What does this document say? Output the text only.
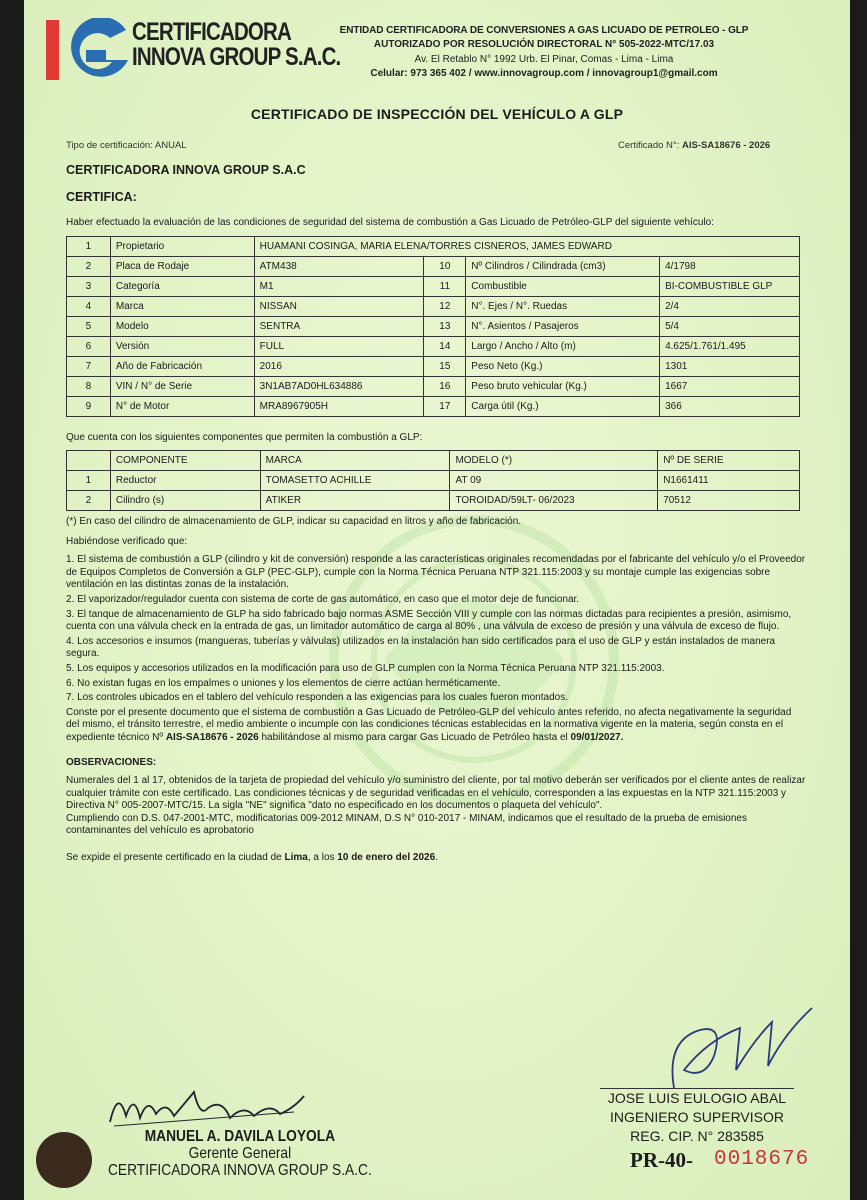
CERTIFICADORA
INNOVA GROUP S.A.C.
ENTIDAD CERTIFICADORA DE CONVERSIONES A GAS LICUADO DE PETROLEO - GLP
AUTORIZADO POR RESOLUCIÓN DIRECTORAL N° 505-2022-MTC/17.03
Av. El Retablo N° 1992 Urb. El Pinar, Comas - Lima - Lima
Celular: 973 365 402 / www.innovagroup.com / innovagroup1@gmail.com
CERTIFICADO DE INSPECCIÓN DEL VEHÍCULO A GLP
Tipo de certificación: ANUAL	Certificado N°: AIS-SA18676 - 2026
CERTIFICADORA INNOVA GROUP S.A.C
CERTIFICA:
Haber efectuado la evaluación de las condiciones de seguridad del sistema de combustión a Gas Licuado de Petróleo-GLP del siguiente vehículo:
1	Propietario	HUAMANI COSINGA, MARIA ELENA/TORRES CISNEROS, JAMES EDWARD			
2	Placa de Rodaje	ATM438	10	Nº Cilindros / Cilindrada (cm3)	4/1798
3	Categoría	M1	11	Combustible	BI-COMBUSTIBLE GLP
4	Marca	NISSAN	12	N°. Ejes / N°. Ruedas	2/4
5	Modelo	SENTRA	13	N°. Asientos / Pasajeros	5/4
6	Versión	FULL	14	Largo / Ancho / Alto (m)	4.625/1.761/1.495
7	Año de Fabricación	2016	15	Peso Neto (Kg.)	1301
8	VIN / N° de Serie	3N1AB7AD0HL634886	16	Peso bruto vehicular (Kg.)	1667
9	N° de Motor	MRA8967905H	17	Carga útil (Kg.)	366
Que cuenta con los siguientes componentes que permiten la combustión a GLP:
	COMPONENTE	MARCA	MODELO (*)	Nº DE SERIE
1	Reductor	TOMASETTO ACHILLE	AT 09	N1661411
2	Cilindro (s)	ATIKER	TOROIDAD/59LT- 06/2023	70512

(*) En caso del cilindro de almacenamiento de GLP, indicar su capacidad en litros y año de fabricación.

Habiéndose verificado que:

1. El sistema de combustión a GLP (cilindro y kit de conversión) responde a las características originales recomendadas por el fabricante del vehículo y/o el Proveedor de Equipos Completos de Conversión a GLP (PEC-GLP), cumple con la Norma Técnica Peruana NTP 321.115:2003 y su montaje cumple las exigencias sobre ventilación en las distintas zonas de la instalación.

2. El vaporizador/regulador cuenta con sistema de corte de gas automático, en caso que el motor deje de funcionar.

3. El tanque de almacenamiento de GLP ha sido fabricado bajo normas ASME Sección VIII y cumple con las normas dictadas para recipientes a presión, asimismo, cuenta con una válvula check en la entrada de gas, un limitador automático de carga al 80% , una válvula de exceso de presión y una válvula de exceso de flujo.

4. Los accesorios e insumos (mangueras, tuberías y válvulas) utilizados en la instalación han sido certificados para el uso de GLP y están instalados de manera segura.

5. Los equipos y accesorios utilizados en la modificación para uso de GLP cumplen con la Norma Técnica Peruana NTP 321.115:2003.

6. No existan fugas en los empalmes o uniones y los elementos de cierre actúan herméticamente.

7. Los controles ubicados en el tablero del vehículo responden a las exigencias para los cuales fueron montados.

Conste por el presente documento que el sistema de combustión a Gas Licuado de Petróleo-GLP del vehículo antes referido, no afecta negativamente la seguridad del mismo, el tránsito terrestre, el medio ambiente o incumple con las condiciones técnicas establecidas en la normativa vigente en la materia, según consta en el expediente técnico Nº AIS-SA18676 - 2026 habilitándose al mismo para cargar Gas Licuado de Petróleo hasta el 09/01/2027.

OBSERVACIONES:

Numerales del 1 al 17, obtenidos de la tarjeta de propiedad del vehículo y/o suministro del cliente, por tal motivo deberán ser verificados por el cliente antes de realizar cualquier trámite con este certificado. Las condiciones técnicas y de seguridad verificadas en el vehículo, corresponden a las expuestas en la NTP 321.115:2003 y Directiva N° 005-2007-MTC/15. La sigla "NE" significa "dato no especificado en los documentos o plaqueta del vehículo".

Cumpliendo con D.S. 047-2001-MTC, modificatorias 009-2012 MINAM, D.S N° 010-2017 - MINAM, indicamos que el resultado de la prueba de emisiones contaminantes del vehículo es aprobatorio

Se expide el presente certificado en la ciudad de Lima, a los 10 de enero del 2026.

MANUEL A. DAVILA LOYOLA
Gerente General
CERTIFICADORA INNOVA GROUP S.A.C.
JOSE LUIS EULOGIO ABAL
INGENIERO SUPERVISOR
REG. CIP. N° 283585
PR-40- 0018676
